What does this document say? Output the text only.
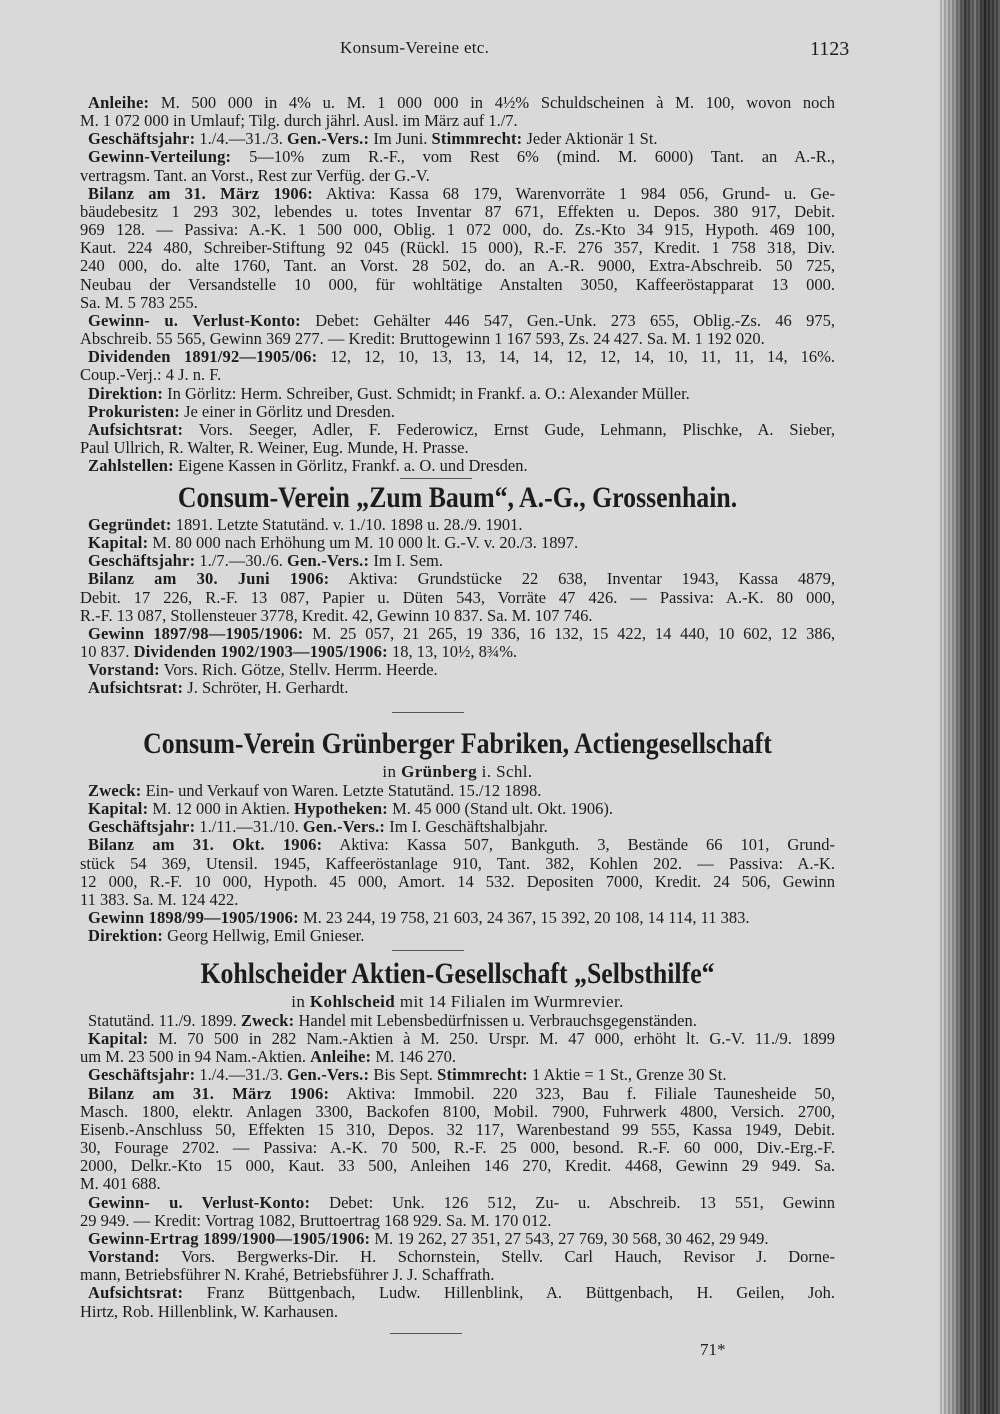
Konsum-Vereine etc.	1123
Anleihe: M. 500 000 in 4% u. M. 1 000 000 in 4½% Schuldscheinen à M. 100, wovon noch
M. 1 072 000 in Umlauf; Tilg. durch jährl. Ausl. im März auf 1./7.
Geschäftsjahr: 1./4.—31./3. Gen.-Vers.: Im Juni. Stimmrecht: Jeder Aktionär 1 St.
Gewinn-Verteilung: 5—10% zum R.-F., vom Rest 6% (mind. M. 6000) Tant. an A.-R.,
vertragsm. Tant. an Vorst., Rest zur Verfüg. der G.-V.
Bilanz am 31. März 1906: Aktiva: Kassa 68 179, Warenvorräte 1 984 056, Grund- u. Ge-
bäudebesitz 1 293 302, lebendes u. totes Inventar 87 671, Effekten u. Depos. 380 917, Debit.
969 128. — Passiva: A.-K. 1 500 000, Oblig. 1 072 000, do. Zs.-Kto 34 915, Hypoth. 469 100,
Kaut. 224 480, Schreiber-Stiftung 92 045 (Rückl. 15 000), R.-F. 276 357, Kredit. 1 758 318, Div.
240 000, do. alte 1760, Tant. an Vorst. 28 502, do. an A.-R. 9000, Extra-Abschreib. 50 725,
Neubau der Versandstelle 10 000, für wohltätige Anstalten 3050, Kaffeeröstapparat 13 000.
Sa. M. 5 783 255.
Gewinn- u. Verlust-Konto: Debet: Gehälter 446 547, Gen.-Unk. 273 655, Oblig.-Zs. 46 975,
Abschreib. 55 565, Gewinn 369 277. — Kredit: Bruttogewinn 1 167 593, Zs. 24 427. Sa. M. 1 192 020.
Dividenden 1891/92—1905/06: 12, 12, 10, 13, 13, 14, 14, 12, 12, 14, 10, 11, 11, 14, 16%.
Coup.-Verj.: 4 J. n. F.
Direktion: In Görlitz: Herm. Schreiber, Gust. Schmidt; in Frankf. a. O.: Alexander Müller.
Prokuristen: Je einer in Görlitz und Dresden.
Aufsichtsrat: Vors. Seeger, Adler, F. Federowicz, Ernst Gude, Lehmann, Plischke, A. Sieber,
Paul Ullrich, R. Walter, R. Weiner, Eug. Munde, H. Prasse.
Zahlstellen: Eigene Kassen in Görlitz, Frankf. a. O. und Dresden.
Consum-Verein „Zum Baum“, A.-G., Grossenhain.
Gegründet: 1891. Letzte Statutänd. v. 1./10. 1898 u. 28./9. 1901.
Kapital: M. 80 000 nach Erhöhung um M. 10 000 lt. G.-V. v. 20./3. 1897.
Geschäftsjahr: 1./7.—30./6. Gen.-Vers.: Im I. Sem.
Bilanz am 30. Juni 1906: Aktiva: Grundstücke 22 638, Inventar 1943, Kassa 4879,
Debit. 17 226, R.-F. 13 087, Papier u. Düten 543, Vorräte 47 426. — Passiva: A.-K. 80 000,
R.-F. 13 087, Stollensteuer 3778, Kredit. 42, Gewinn 10 837. Sa. M. 107 746.
Gewinn 1897/98—1905/1906: M. 25 057, 21 265, 19 336, 16 132, 15 422, 14 440, 10 602, 12 386,
10 837. Dividenden 1902/1903—1905/1906: 18, 13, 10½, 8¾%.
Vorstand: Vors. Rich. Götze, Stellv. Herrm. Heerde.
Aufsichtsrat: J. Schröter, H. Gerhardt.
Consum-Verein Grünberger Fabriken, Actiengesellschaft
in Grünberg i. Schl.
Zweck: Ein- und Verkauf von Waren. Letzte Statutänd. 15./12 1898.
Kapital: M. 12 000 in Aktien. Hypotheken: M. 45 000 (Stand ult. Okt. 1906).
Geschäftsjahr: 1./11.—31./10. Gen.-Vers.: Im I. Geschäftshalbjahr.
Bilanz am 31. Okt. 1906: Aktiva: Kassa 507, Bankguth. 3, Bestände 66 101, Grund-
stück 54 369, Utensil. 1945, Kaffeeröstanlage 910, Tant. 382, Kohlen 202. — Passiva: A.-K.
12 000, R.-F. 10 000, Hypoth. 45 000, Amort. 14 532. Depositen 7000, Kredit. 24 506, Gewinn
11 383. Sa. M. 124 422.
Gewinn 1898/99—1905/1906: M. 23 244, 19 758, 21 603, 24 367, 15 392, 20 108, 14 114, 11 383.
Direktion: Georg Hellwig, Emil Gnieser.
Kohlscheider Aktien-Gesellschaft „Selbsthilfe“
in Kohlscheid mit 14 Filialen im Wurmrevier.
Statutänd. 11./9. 1899. Zweck: Handel mit Lebensbedürfnissen u. Verbrauchsgegenständen.
Kapital: M. 70 500 in 282 Nam.-Aktien à M. 250. Urspr. M. 47 000, erhöht lt. G.-V. 11./9. 1899
um M. 23 500 in 94 Nam.-Aktien. Anleihe: M. 146 270.
Geschäftsjahr: 1./4.—31./3. Gen.-Vers.: Bis Sept. Stimmrecht: 1 Aktie = 1 St., Grenze 30 St.
Bilanz am 31. März 1906: Aktiva: Immobil. 220 323, Bau f. Filiale Taunesheide 50,
Masch. 1800, elektr. Anlagen 3300, Backofen 8100, Mobil. 7900, Fuhrwerk 4800, Versich. 2700,
Eisenb.-Anschluss 50, Effekten 15 310, Depos. 32 117, Warenbestand 99 555, Kassa 1949, Debit.
30, Fourage 2702. — Passiva: A.-K. 70 500, R.-F. 25 000, besond. R.-F. 60 000, Div.-Erg.-F.
2000, Delkr.-Kto 15 000, Kaut. 33 500, Anleihen 146 270, Kredit. 4468, Gewinn 29 949. Sa.
M. 401 688.
Gewinn- u. Verlust-Konto: Debet: Unk. 126 512, Zu- u. Abschreib. 13 551, Gewinn
29 949. — Kredit: Vortrag 1082, Bruttoertrag 168 929. Sa. M. 170 012.
Gewinn-Ertrag 1899/1900—1905/1906: M. 19 262, 27 351, 27 543, 27 769, 30 568, 30 462, 29 949.
Vorstand: Vors. Bergwerks-Dir. H. Schornstein, Stellv. Carl Hauch, Revisor J. Dorne-
mann, Betriebsführer N. Krahé, Betriebsführer J. J. Schaffrath.
Aufsichtsrat: Franz Büttgenbach, Ludw. Hillenblink, A. Büttgenbach, H. Geilen, Joh.
Hirtz, Rob. Hillenblink, W. Karhausen.
71*
